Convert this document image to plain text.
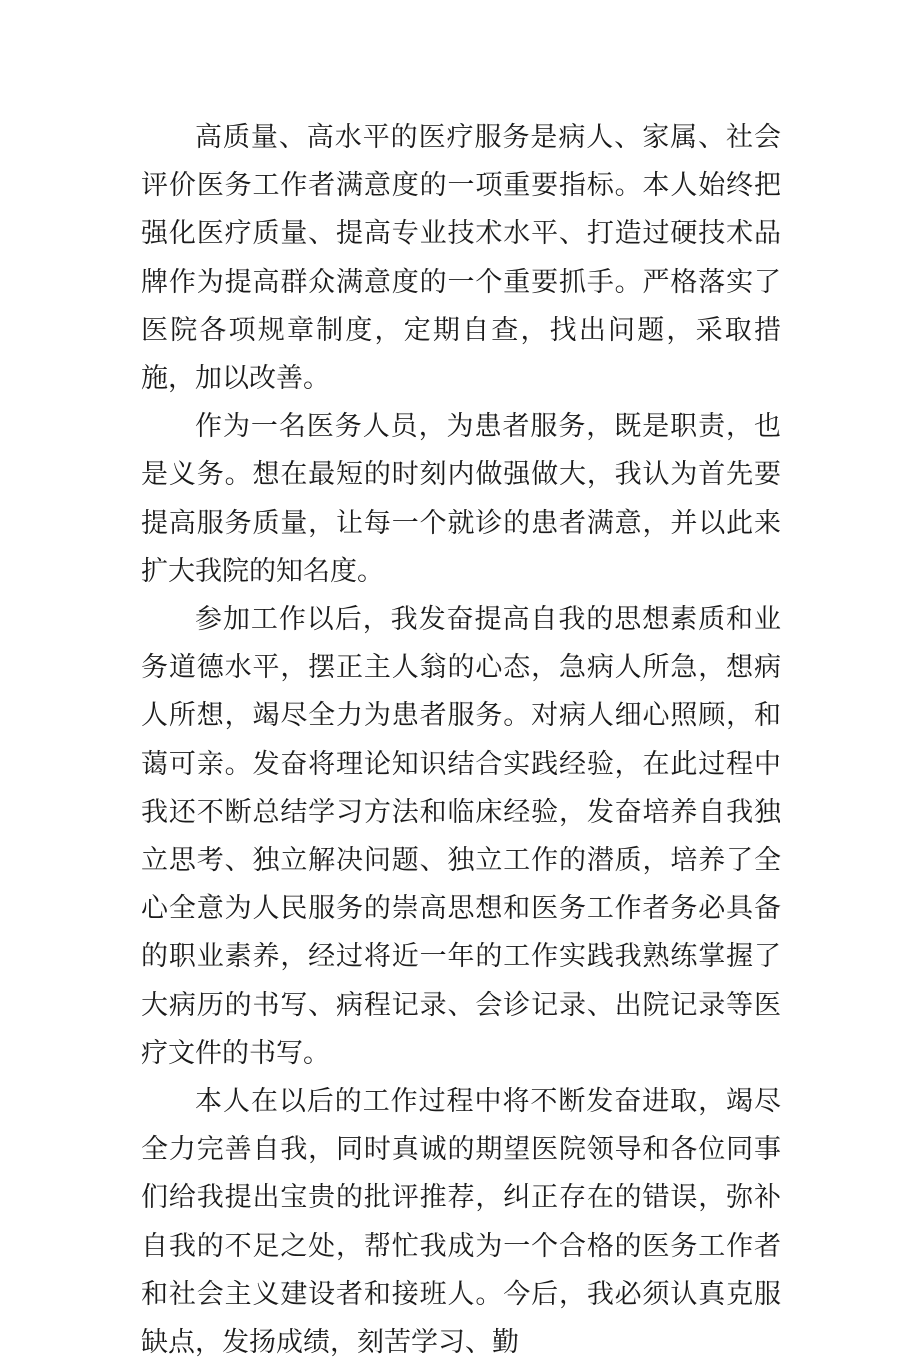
高质量、高水平的医疗服务是病人、家属、社会评价医务工作者满意度的一项重要指标。本人始终把强化医疗质量、提高专业技术水平、打造过硬技术品牌作为提高群众满意度的一个重要抓手。严格落实了医院各项规章制度，定期自查，找出问题，采取措施，加以改善。

作为一名医务人员，为患者服务，既是职责，也是义务。想在最短的时刻内做强做大，我认为首先要提高服务质量，让每一个就诊的患者满意，并以此来扩大我院的知名度。

参加工作以后，我发奋提高自我的思想素质和业务道德水平，摆正主人翁的心态，急病人所急，想病人所想，竭尽全力为患者服务。对病人细心照顾，和蔼可亲。发奋将理论知识结合实践经验，在此过程中我还不断总结学习方法和临床经验，发奋培养自我独立思考、独立解决问题、独立工作的潜质，培养了全心全意为人民服务的崇高思想和医务工作者务必具备的职业素养，经过将近一年的工作实践我熟练掌握了大病历的书写、病程记录、会诊记录、出院记录等医疗文件的书写。

本人在以后的工作过程中将不断发奋进取，竭尽全力完善自我，同时真诚的期望医院领导和各位同事们给我提出宝贵的批评推荐，纠正存在的错误，弥补自我的不足之处，帮忙我成为一个合格的医务工作者和社会主义建设者和接班人。今后，我必须认真克服缺点，发扬成绩，刻苦学习、勤
